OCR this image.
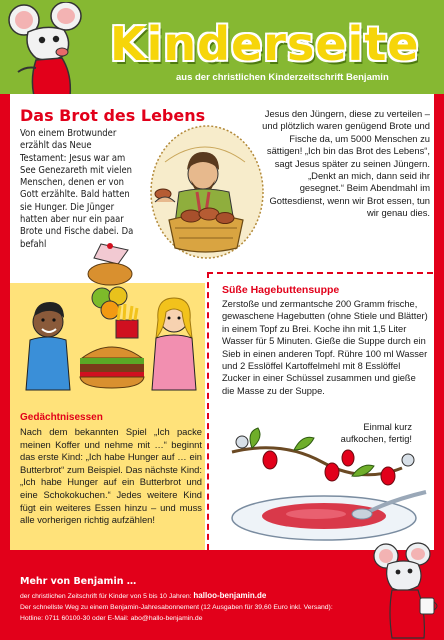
Kinderseite
aus der christlichen Kinderzeitschrift Benjamin
Das Brot des Lebens
Von einem Brotwunder erzählt das Neue Testament: Jesus war am See Genezareth mit vielen Menschen, denen er von Gott erzählte. Bald hatten sie Hunger. Die Jünger hatten aber nur ein paar Brote und Fische dabei. Da befahl
Jesus den Jüngern, diese zu verteilen – und plötzlich waren genügend Brote und Fische da, um 5000 Menschen zu sättigen! „Ich bin das Brot des Lebens“, sagt Jesus später zu seinen Jüngern. „Denkt an mich, dann seid ihr gesegnet.“ Beim Abendmahl im Gottesdienst, wenn wir Brot essen, tun wir genau dies.
Gedächtnisessen
Nach dem bekannten Spiel „Ich packe meinen Koffer und nehme mit …“ beginnt das erste Kind: „Ich habe Hunger auf … ein Butterbrot“ zum Beispiel. Das nächste Kind: „Ich habe Hunger auf ein Butterbrot und eine Schokokuchen.“ Jedes weitere Kind fügt ein weiteres Essen hinzu – und muss alle vorherigen richtig aufzählen!
Süße Hagebuttensuppe
Zerstoße und zermantsche 200 Gramm frische, gewaschene Hagebutten (ohne Stiele und Blätter) in einem Topf zu Brei. Koche ihn mit 1,5 Liter Wasser für 5 Minuten. Gieße die Suppe durch ein Sieb in einen anderen Topf. Rühre 100 ml Wasser und 2 Esslöffel Kartoffelmehl mit 8 Esslöffel Zucker in einer Schüssel zusammen und gieße die Masse zu der Suppe.
Einmal kurz aufkochen, fertig!
Mehr von Benjamin …
der christlichen Zeitschrift für Kinder von 5 bis 10 Jahren: halloo-benjamin.de
Der schnellste Weg zu einem Benjamin-Jahresabonnement (12 Ausgaben für 39,60 Euro inkl. Versand):
Hotline: 0711 60100-30 oder E-Mail: abo@hallo-benjamin.de
